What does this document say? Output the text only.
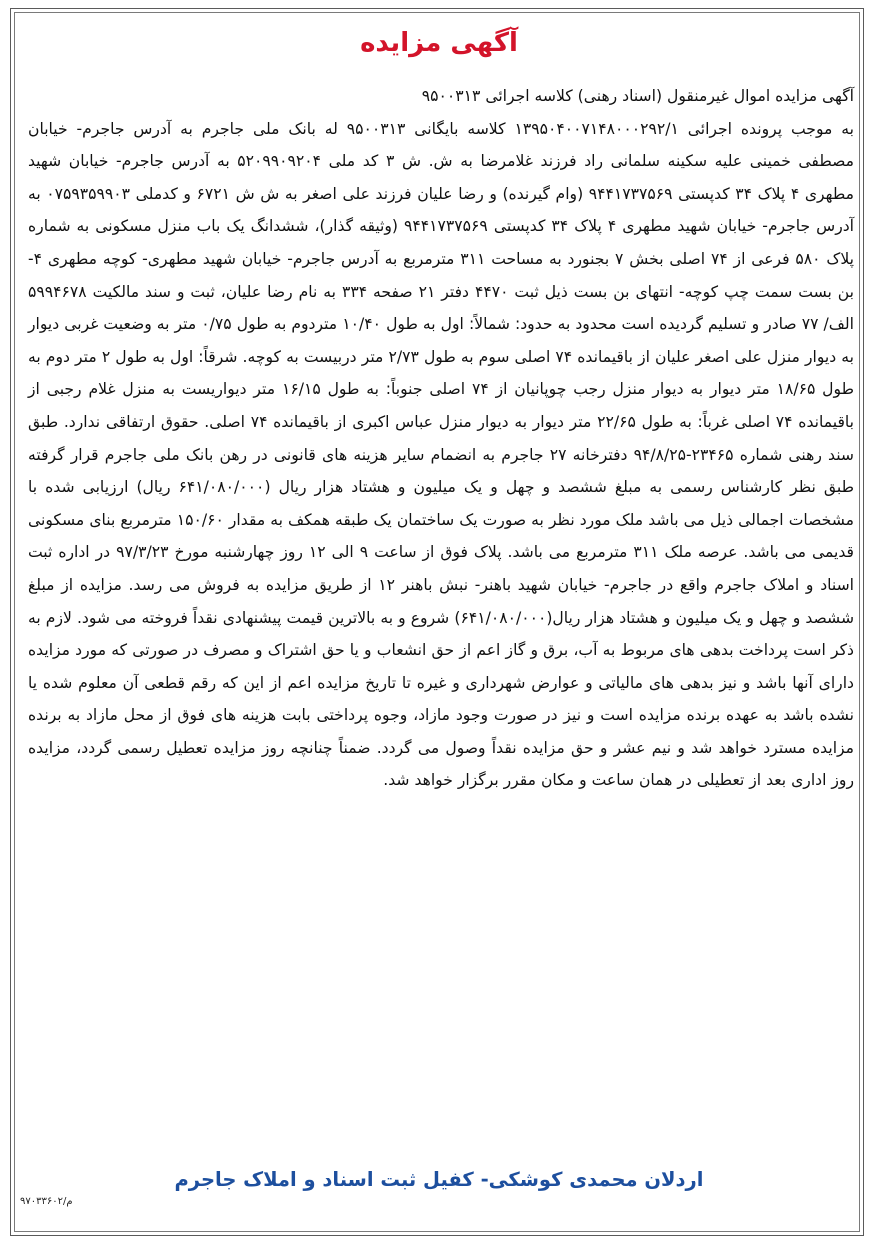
آگهی مزایده
آگهی مزایده اموال غیرمنقول (اسناد رهنی) کلاسه اجرائی ۹۵۰۰۳۱۳
به موجب پرونده اجرائی ۱۳۹۵۰۴۰۰۷۱۴۸۰۰۰۲۹۲/۱ کلاسه بایگانی ۹۵۰۰۳۱۳ له بانک ملی جاجرم به آدرس جاجرم- خیابان مصطفی خمینی علیه سکینه سلمانی راد فرزند غلامرضا به ش. ش ۳ کد ملی ۵۲۰۹۹۰۹۲۰۴ به آدرس جاجرم- خیابان شهید مطهری ۴ پلاک ۳۴ کدپستی ۹۴۴۱۷۳۷۵۶۹ (وام گیرنده) و رضا علیان فرزند علی اصغر به ش ش ۶۷۲۱ و کدملی ۰۷۵۹۳۵۹۹۰۳ به آدرس جاجرم- خیابان شهید مطهری ۴ پلاک ۳۴ کدپستی ۹۴۴۱۷۳۷۵۶۹ (وثیقه گذار)، ششدانگ یک باب منزل مسکونی به شماره پلاک ۵۸۰ فرعی از ۷۴ اصلی بخش ۷ بجنورد به مساحت ۳۱۱ مترمربع به آدرس جاجرم- خیابان شهید مطهری- کوچه مطهری ۴- بن بست سمت چپ کوچه- انتهای بن بست ذیل ثبت ۴۴۷۰ دفتر ۲۱ صفحه ۳۳۴ به نام رضا علیان، ثبت و سند مالکیت ۵۹۹۴۶۷۸ الف/ ۷۷ صادر و تسلیم گردیده است محدود به حدود: شمالاً: اول به طول ۱۰/۴۰ متردوم به طول ۰/۷۵ متر به وضعیت غربی دیوار به دیوار منزل علی اصغر علیان از باقیمانده ۷۴ اصلی سوم به طول ۲/۷۳ متر دربیست به کوچه. شرقاً: اول به طول ۲ متر دوم به طول ۱۸/۶۵ متر دیوار به دیوار منزل رجب چوپانیان از ۷۴ اصلی جنوباً: به طول ۱۶/۱۵ متر دیواریست به منزل غلام رجبی از باقیمانده ۷۴ اصلی غرباً: به طول ۲۲/۶۵ متر دیوار به دیوار منزل عباس اکبری از باقیمانده ۷۴ اصلی. حقوق ارتفاقی ندارد. طبق سند رهنی شماره ۲۳۴۶۵-۹۴/۸/۲۵ دفترخانه ۲۷ جاجرم به انضمام سایر هزینه های قانونی در رهن بانک ملی جاجرم قرار گرفته طبق نظر کارشناس رسمی به مبلغ ششصد و چهل و یک میلیون و هشتاد هزار ریال (۶۴۱/۰۸۰/۰۰۰ ریال) ارزیابی شده با مشخصات اجمالی ذیل می باشد ملک مورد نظر به صورت یک ساختمان یک طبقه همکف به مقدار ۱۵۰/۶۰ مترمربع بنای مسکونی قدیمی می باشد. عرصه ملک ۳۱۱ مترمربع می باشد. پلاک فوق از ساعت ۹ الی ۱۲ روز چهارشنبه مورخ ۹۷/۳/۲۳ در اداره ثبت اسناد و املاک جاجرم واقع در جاجرم- خیابان شهید باهنر- نبش باهنر ۱۲ از طریق مزایده به فروش می رسد. مزایده از مبلغ ششصد و چهل و یک میلیون و هشتاد هزار ریال(۶۴۱/۰۸۰/۰۰۰) شروع و به بالاترین قیمت پیشنهادی نقداً فروخته می شود. لازم به ذکر است پرداخت بدهی های مربوط به آب، برق و گاز اعم از حق انشعاب و یا حق اشتراک و مصرف در صورتی که مورد مزایده دارای آنها باشد و نیز بدهی های مالیاتی و عوارض شهرداری و غیره تا تاریخ مزایده اعم از این که رقم قطعی آن معلوم شده یا نشده باشد به عهده برنده مزایده است و نیز در صورت وجود مازاد، وجوه پرداختی بابت هزینه های فوق از محل مازاد به برنده مزایده مسترد خواهد شد و نیم عشر و حق مزایده نقداً وصول می گردد. ضمناً چنانچه روز مزایده تعطیل رسمی گردد، مزایده روز اداری بعد از تعطیلی در همان ساعت و مکان مقرر برگزار خواهد شد.

اردلان محمدی کوشکی- کفیل ثبت اسناد و املاک جاجرم

م/۹۷۰۳۳۶۰۲
